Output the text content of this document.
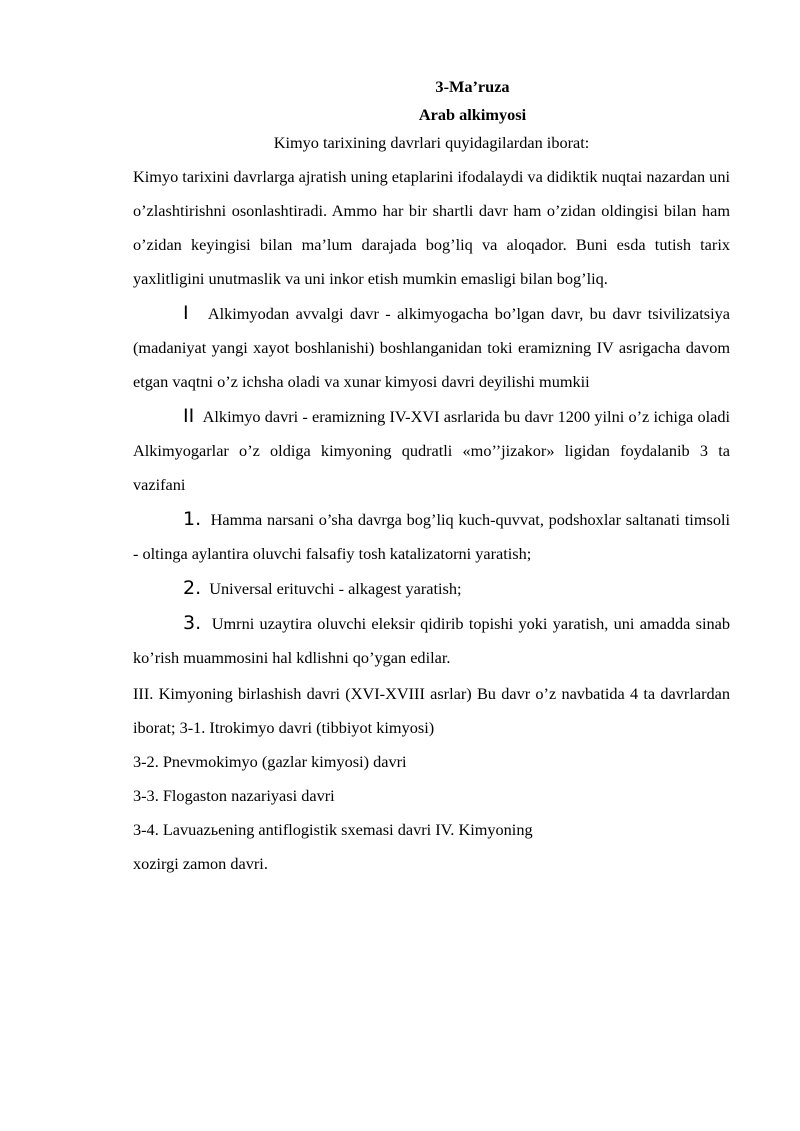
3-Ma’ruza
Arab alkimyosi
Kimyo tarixining davrlari quyidagilardan iborat:

Kimyo tarixini davrlarga ajratish uning etaplarini ifodalaydi va didiktik nuqtai nazardan uni o’zlashtirishni osonlashtiradi. Ammo har bir shartli davr ham o’zidan oldingisi bilan ham o’zidan keyingisi bilan ma’lum darajada bog’liq va aloqador. Buni esda tutish tarix yaxlitligini unutmaslik va uni inkor etish mumkin emasligi bilan bog’liq.

I Alkimyodan avvalgi davr - alkimyogacha bo’lgan davr, bu davr tsivilizatsiya (madaniyat yangi xayot boshlanishi) boshlanganidan toki eramizning IV asrigacha davom etgan vaqtni o’z ichsha oladi va xunar kimyosi davri deyilishi mumkii

II Alkimyo davri - eramizning IV-XVI asrlarida bu davr 1200 yilni o’z ichiga oladi Alkimyogarlar o’z oldiga kimyoning qudratli «mo’’jizakor» ligidan foydalanib 3 ta vazifani

1. Hamma narsani o’sha davrga bog’liq kuch-quvvat, podshoxlar saltanati timsoli - oltinga aylantira oluvchi falsafiy tosh katalizatorni yaratish;

2. Universal erituvchi - alkagest yaratish;

3. Umrni uzaytira oluvchi eleksir qidirib topishi yoki yaratish, uni amadda sinab ko’rish muammosini hal kdlishni qo’ygan edilar.

III. Kimyoning birlashish davri (XVI-XVIII asrlar) Bu davr o’z navbatida 4 ta davrlardan iborat; 3-1. Itrokimyo davri (tibbiyot kimyosi)

3-2. Pnevmokimyo (gazlar kimyosi) davri
3-3. Flogaston nazariyasi davri
3-4. Lavuazьening antiflogistik sxemasi davri IV. Kimyoning
xozirgi zamon davri.
